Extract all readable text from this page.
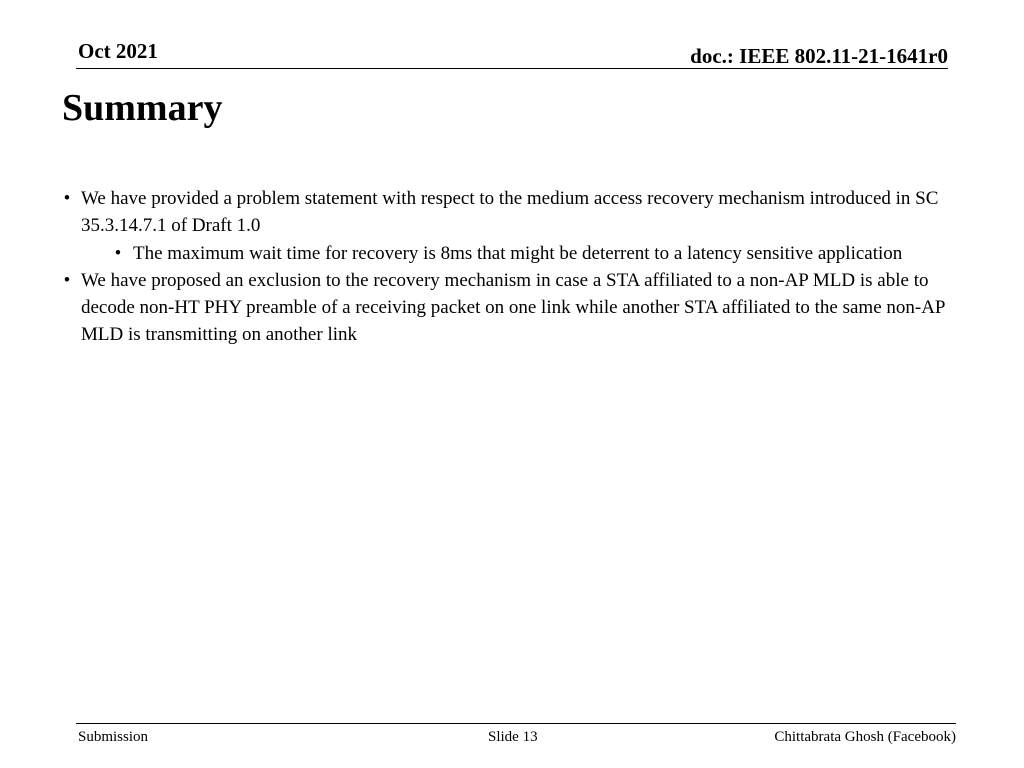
Oct 2021	doc.: IEEE 802.11-21-1641r0
Summary
• We have provided a problem statement with respect to the medium access recovery mechanism introduced in SC 35.3.14.7.1 of Draft 1.0
• The maximum wait time for recovery is 8ms that might be deterrent to a latency sensitive application
• We have proposed an exclusion to the recovery mechanism in case a STA affiliated to a non-AP MLD is able to decode non-HT PHY preamble of a receiving packet on one link while another STA affiliated to the same non-AP MLD is transmitting on another link
Submission	Slide 13	Chittabrata Ghosh (Facebook)
